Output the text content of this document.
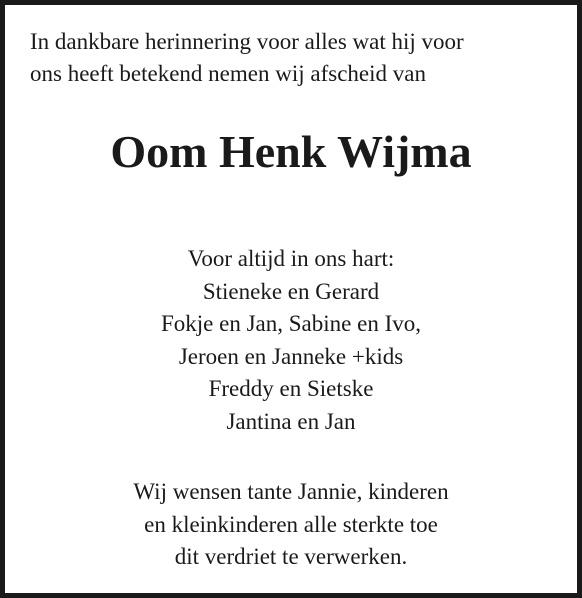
In dankbare herinnering voor alles wat hij voor
ons heeft betekend nemen wij afscheid van

Oom Henk Wijma
Voor altijd in ons hart:
Stieneke en Gerard
Fokje en Jan, Sabine en Ivo,
Jeroen en Janneke +kids
Freddy en Sietske
Jantina en Jan

Wij wensen tante Jannie, kinderen
en kleinkinderen alle sterkte toe
dit verdriet te verwerken.
